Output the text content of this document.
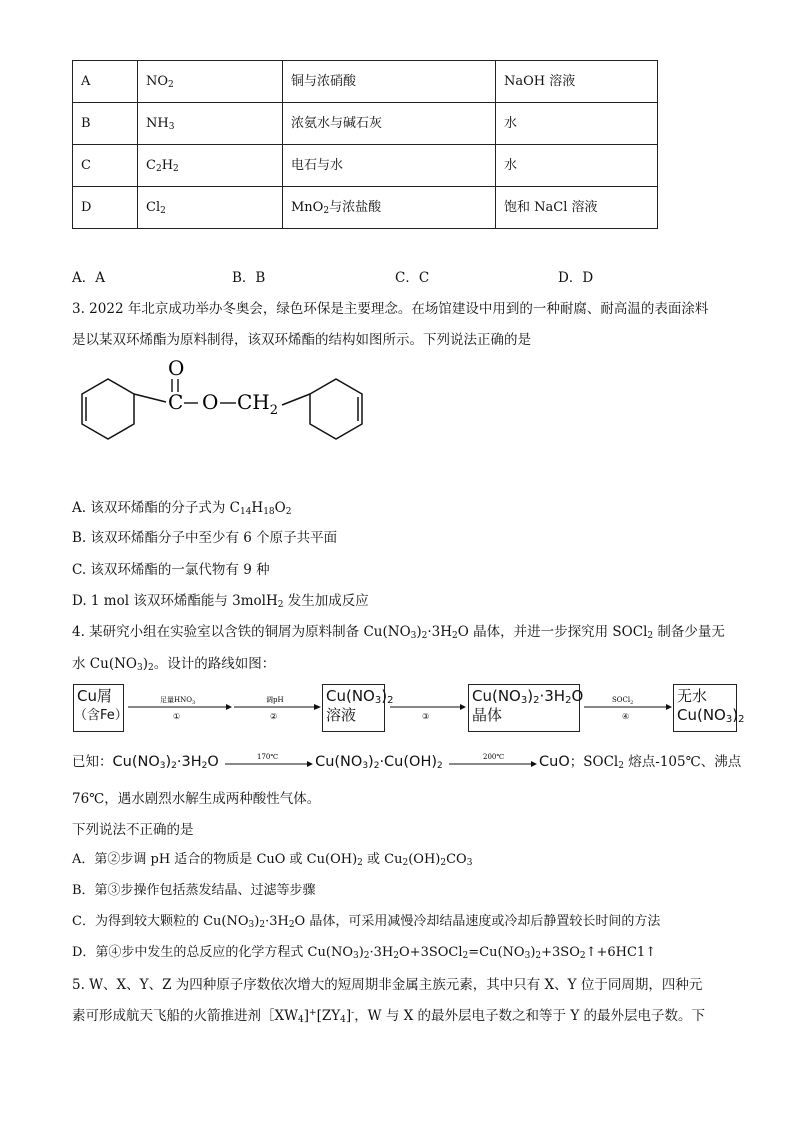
A	$NO_2$	铜与浓硝酸	NaOH 溶液
B	$NH_3$	浓氨水与碱石灰	水
C	$C_2H_2$	电石与水	水
D	$Cl_2$	MnO$_2$与浓盐酸	饱和 NaCl 溶液
A．A	B．B	C．C	D．D
3. 2022 年北京成功举办冬奥会，绿色环保是主要理念。在场馆建设中用到的一种耐腐、耐高温的表面涂料
是以某双环烯酯为原料制得，该双环烯酯的结构如图所示。下列说法正确的是
C
O
O $CH_2$
A. 该双环烯酯的分子式为 $C_{14}H_{18}O_2$
B. 该双环烯酯分子中至少有 6 个原子共平面
C. 该双环烯酯的一氯代物有 9 种
D. 1 mol 该双环烯酯能与 3molH$_2$ 发生加成反应
4. 某研究小组在实验室以含铁的铜屑为原料制备 $Cu(NO_3)_2\cdot 3H_2O$ 晶体，并进一步探究用 SOCl$_2$ 制备少量无
水 $Cu(NO_3)_2$。设计的路线如图：
Cu屑
（含Fe）
足量$HNO_3$
①
调pH
②
$Cu(NO_3)_2$
溶液	③
$Cu(NO_3)_2\cdot 3H_2O$
晶体
SOCl$_2$
④
无水
$Cu(NO_3)_2$
已知：$Cu(NO_3)_2\cdot 3H_2O$	170℃	$Cu(NO_3)_2\cdot Cu(OH)_2$
200℃ CuO；SOCl$_2$ 熔点-105℃、沸点
76℃，遇水剧烈水解生成两种酸性气体。
下列说法不正确的是
A．第②步调 pH 适合的物质是 CuO 或 $Cu(OH)_2$ 或 $Cu_2(OH)_2CO_3$
B．第③步操作包括蒸发结晶、过滤等步骤
C．为得到较大颗粒的 $Cu(NO_3)_2\cdot 3H_2O$ 晶体，可采用减慢冷却结晶速度或冷却后静置较长时间的方法
D．第④步中发生的总反应的化学方程式 $Cu(NO_3)_2\cdot 3H_2O+3SOCl_2=Cu(NO_3)_2+3SO_2↑+6HC1↑$
5. W、X、Y、Z 为四种原子序数依次增大的短周期非金属主族元素，其中只有 X、Y 位于同周期，四种元
素可形成航天飞船的火箭推进剂$[XW_4]^+[ZY_4]^-$，W 与 X 的最外层电子数之和等于 Y 的最外层电子数。下
